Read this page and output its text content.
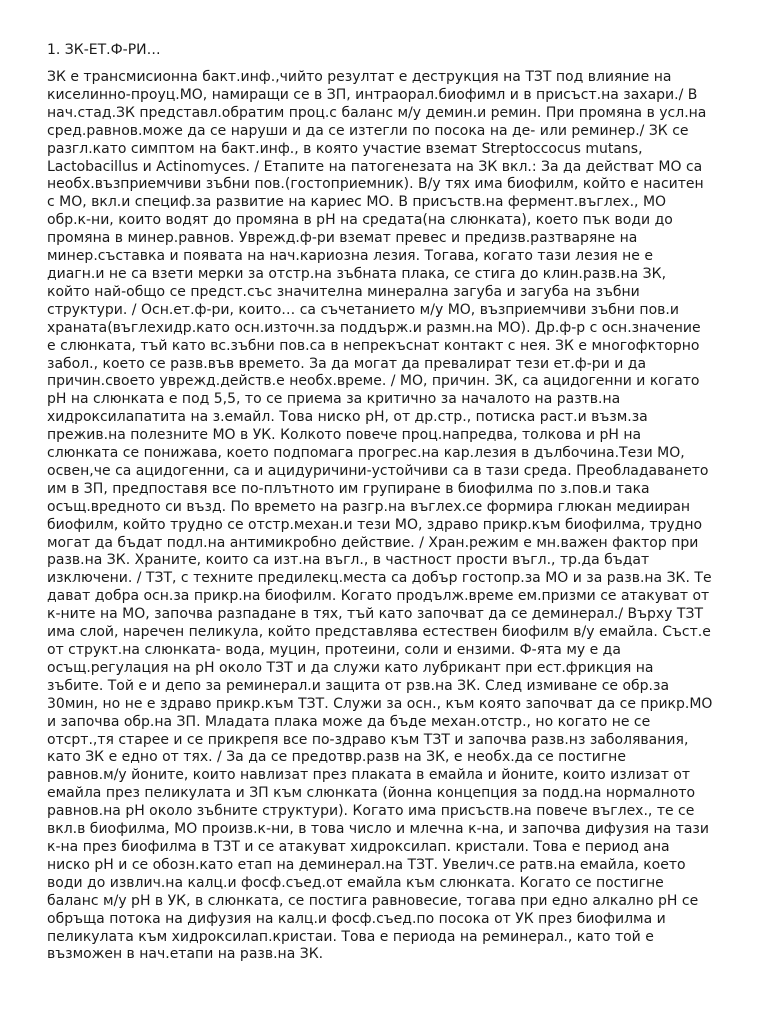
1. ЗК-ЕТ.Ф-РИ…
ЗК е трансмисионна бакт.инф.,чийто резултат е деструкция на ТЗТ под влияние на
киселинно-проуц.МО, намиращи се в ЗП, интраорал.биофимл и в присъст.на захари./ В
нач.стад.ЗК представл.обратим проц.с баланс м/у демин.и ремин. При промяна в усл.на
сред.равнов.може да се наруши и да се изтегли по посока на де- или реминер./ ЗК се
разгл.като симптом на бакт.инф., в която участие вземат Streptoccocus mutans,
Lactobacillus и Actinomyces. / Етапите на патогенезата на ЗК вкл.: За да действат МО са
необх.възприемчиви зъбни пов.(гостоприемник). В/у тях има биофилм, който е наситен
с МО, вкл.и специф.за развитие на кариес МО. В присъств.на фермент.въглех., МО
обр.к-ни, които водят до промяна в pH на средата(на слюнката), което пък води до
промяна в минер.равнов. Уврежд.ф-ри вземат превес и предизв.разтваряне на
минер.съставка и появата на нач.кариозна лезия. Тогава, когато тази лезия не е
диагн.и не са взети мерки за отстр.на зъбната плака, се стига до клин.разв.на ЗК,
който най-общо се предст.със значителна минерална загуба и загуба на зъбни
структури. / Осн.ет.ф-ри, които… са съчетанието м/у МО, възприемчиви зъбни пов.и
храната(въглехидр.като осн.източн.за поддърж.и размн.на МО). Др.ф-р с осн.значение
е слюнката, тъй като вс.зъбни пов.са в непрекъснат контакт с нея. ЗК е многофкторно
забол., което се разв.във времето. За да могат да превалират тези ет.ф-ри и да
причин.своето уврежд.действ.е необх.време. / МО, причин. ЗК, са ацидогенни и когато
pH на слюнката е под 5,5, то се приема за критично за началото на разтв.на
хидроксилапатита на з.емайл. Това ниско pH, от др.стр., потиска раст.и възм.за
прежив.на полезните МО в УК. Колкото повече проц.напредва, толкова и pH на
слюнката се понижава, което подпомага прогрес.на кар.лезия в дълбочина.Тези МО,
освен,че са ацидогенни, са и ацидуричини-устойчиви са в тази среда. Преобладаването
им в ЗП, предпоставя все по-плътното им групиране в биофилма по з.пов.и така
осъщ.вредното си възд. По времето на разгр.на въглех.се формира глюкан медииран
биофилм, който трудно се отстр.механ.и тези МО, здраво прикр.към биофилма, трудно
могат да бъдат подл.на антимикробно действие. / Хран.режим е мн.важен фактор при
разв.на ЗК. Храните, които са изт.на въгл., в частност прости въгл., тр.да бъдат
изключени. / ТЗТ, с техните предилекц.места са добър гостопр.за МО и за разв.на ЗК. Те
дават добра осн.за прикр.на биофилм. Когато продълж.време ем.призми се атакуват от
к-ните на МО, започва разпадане в тях, тъй като започват да се деминерал./ Върху ТЗТ
има слой, наречен пеликула, който представлява естествен биофилм в/у емайла. Съст.е
от структ.на слюнката- вода, муцин, протеини, соли и ензими. Ф-ята му е да
осъщ.регулация на pH около ТЗТ и да служи като лубрикант при ест.фрикция на
зъбите. Той е и депо за реминерал.и защита от рзв.на ЗК. След измиване се обр.за
30мин, но не е здраво прикр.към ТЗТ. Служи за осн., към която започват да се прикр.МО
и започва обр.на ЗП. Младата плака може да бъде механ.отстр., но когато не се
отсрт.,тя старее и се прикрепя все по-здраво към ТЗТ и започва разв.нз заболявания,
като ЗК е едно от тях. / За да се предотвр.разв на ЗК, е необх.да се постигне
равнов.м/у йоните, които навлизат през плаката в емайла и йоните, които излизат от
емайла през пеликулата и ЗП към слюнката (йонна концепция за подд.на нормалното
равнов.на pH около зъбните структури). Когато има присъств.на повече въглех., те се
вкл.в биофилма, МО произв.к-ни, в това число и млечна к-на, и започва дифузия на тази
к-на през биофилма в ТЗТ и се атакуват хидроксилап. кристали. Това е период ана
ниско pH и се обозн.като етап на деминерал.на ТЗТ. Увелич.се ратв.на емайла, което
води до извлич.на калц.и фосф.съед.от емайла към слюнката. Когато се постигне
баланс м/у pH в УК, в слюнката, се постига равновесие, тогава при едно алкално pH се
обръща потока на дифузия на калц.и фосф.съед.по посока от УК през биофилма и
пеликулата към хидроксилап.кристаи. Това е периода на реминерал., като той е
възможен в нач.етапи на разв.на ЗК.
